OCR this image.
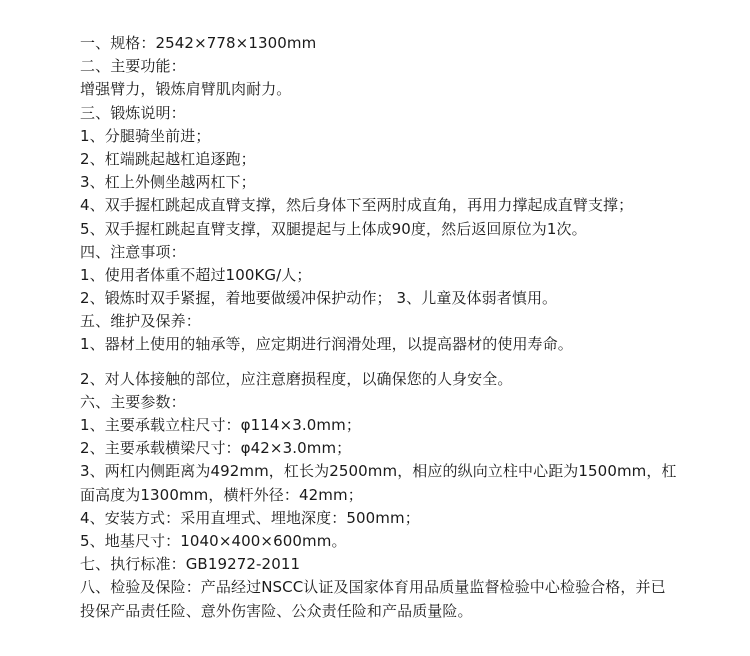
一、规格：2542×778×1300mm
二、主要功能：
增强臂力，锻炼肩臂肌肉耐力。
三、锻炼说明：
1、分腿骑坐前进；
2、杠端跳起越杠追逐跑；
3、杠上外侧坐越两杠下；
4、双手握杠跳起成直臂支撑，然后身体下至两肘成直角，再用力撑起成直臂支撑；
5、双手握杠跳起直臂支撑，双腿提起与上体成90度，然后返回原位为1次。
四、注意事项：
1、使用者体重不超过100KG/人；
2、锻炼时双手紧握，着地要做缓冲保护动作； 3、儿童及体弱者慎用。
五、维护及保养：
1、器材上使用的轴承等，应定期进行润滑处理，以提高器材的使用寿命。
2、对人体接触的部位，应注意磨损程度，以确保您的人身安全。
六、主要参数：
1、主要承载立柱尺寸：φ114×3.0mm；
2、主要承载横梁尺寸：φ42×3.0mm；
3、两杠内侧距离为492mm，杠长为2500mm，相应的纵向立柱中心距为1500mm，杠
面高度为1300mm，横杆外径：42mm；
4、安装方式：采用直埋式、埋地深度：500mm；
5、地基尺寸：1040×400×600mm。
七、执行标准：GB19272-2011
八、检验及保险：产品经过NSCC认证及国家体育用品质量监督检验中心检验合格，并已
投保产品责任险、意外伤害险、公众责任险和产品质量险。
